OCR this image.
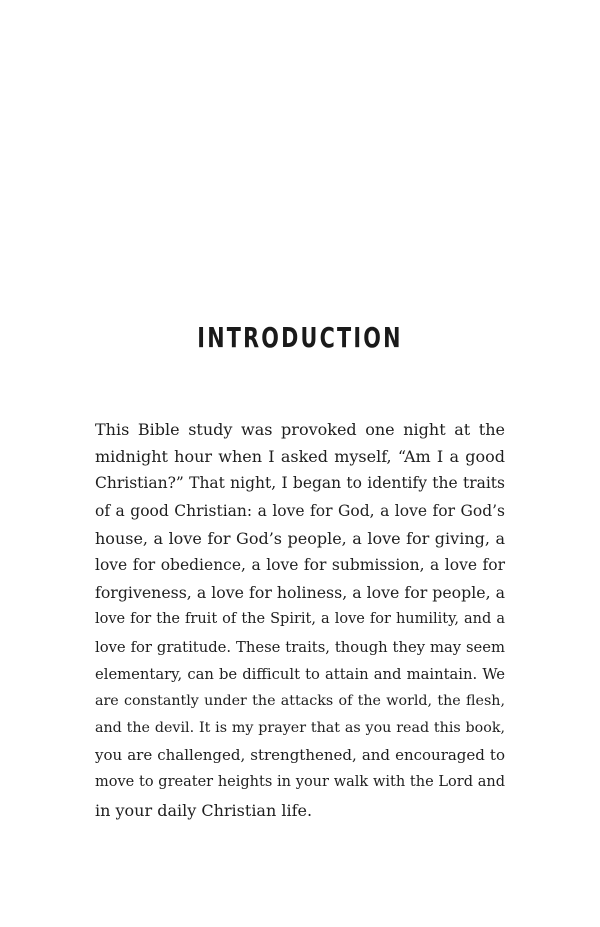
INTRODUCTION
This Bible study was provoked one night at the
midnight hour when I asked myself, “Am I a good
Christian?” That night, I began to identify the traits
of a good Christian: a love for God, a love for God’s
house, a love for God’s people, a love for giving, a
love for obedience, a love for submission, a love for
forgiveness, a love for holiness, a love for people, a
love for the fruit of the Spirit, a love for humility, and a
love for gratitude. These traits, though they may seem
elementary, can be difficult to attain and maintain. We
are constantly under the attacks of the world, the flesh,
and the devil. It is my prayer that as you read this book,
you are challenged, strengthened, and encouraged to
move to greater heights in your walk with the Lord and
in your daily Christian life.
